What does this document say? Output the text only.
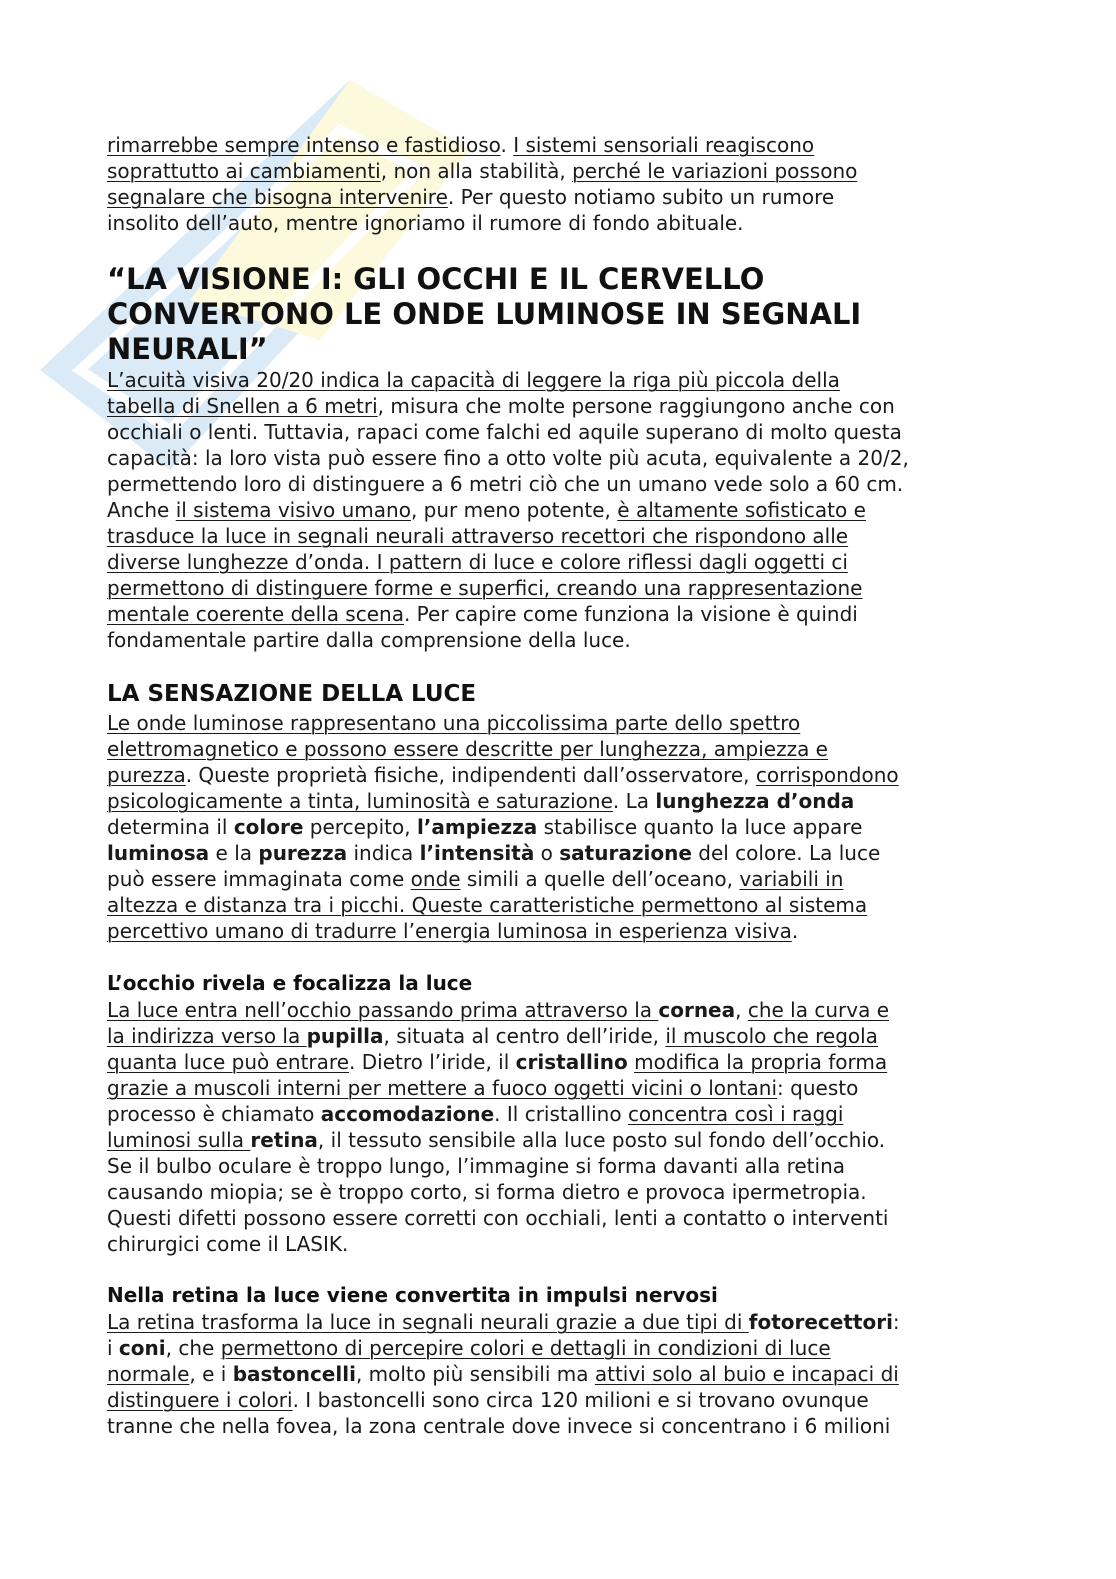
rimarrebbe sempre intenso e fastidioso. I sistemi sensoriali reagiscono
soprattutto ai cambiamenti, non alla stabilità, perché le variazioni possono
segnalare che bisogna intervenire. Per questo notiamo subito un rumore
insolito dell’auto, mentre ignoriamo il rumore di fondo abituale.
“LA VISIONE I: GLI OCCHI E IL CERVELLO
CONVERTONO LE ONDE LUMINOSE IN SEGNALI
NEURALI”
L’acuità visiva 20/20 indica la capacità di leggere la riga più piccola della
tabella di Snellen a 6 metri, misura che molte persone raggiungono anche con
occhiali o lenti. Tuttavia, rapaci come falchi ed aquile superano di molto questa
capacità: la loro vista può essere fino a otto volte più acuta, equivalente a 20/2,
permettendo loro di distinguere a 6 metri ciò che un umano vede solo a 60 cm.
Anche il sistema visivo umano, pur meno potente, è altamente sofisticato e
trasduce la luce in segnali neurali attraverso recettori che rispondono alle
diverse lunghezze d’onda. I pattern di luce e colore riflessi dagli oggetti ci
permettono di distinguere forme e superfici, creando una rappresentazione
mentale coerente della scena. Per capire come funziona la visione è quindi
fondamentale partire dalla comprensione della luce.
LA SENSAZIONE DELLA LUCE
Le onde luminose rappresentano una piccolissima parte dello spettro
elettromagnetico e possono essere descritte per lunghezza, ampiezza e
purezza. Queste proprietà fisiche, indipendenti dall’osservatore, corrispondono
psicologicamente a tinta, luminosità e saturazione. La lunghezza d’onda
determina il colore percepito, l’ampiezza stabilisce quanto la luce appare
luminosa e la purezza indica l’intensità o saturazione del colore. La luce
può essere immaginata come onde simili a quelle dell’oceano, variabili in
altezza e distanza tra i picchi. Queste caratteristiche permettono al sistema
percettivo umano di tradurre l’energia luminosa in esperienza visiva.
L’occhio rivela e focalizza la luce
La luce entra nell’occhio passando prima attraverso la cornea, che la curva e
la indirizza verso la pupilla, situata al centro dell’iride, il muscolo che regola
quanta luce può entrare. Dietro l’iride, il cristallino modifica la propria forma
grazie a muscoli interni per mettere a fuoco oggetti vicini o lontani: questo
processo è chiamato accomodazione. Il cristallino concentra così i raggi
luminosi sulla retina, il tessuto sensibile alla luce posto sul fondo dell’occhio.
Se il bulbo oculare è troppo lungo, l’immagine si forma davanti alla retina
causando miopia; se è troppo corto, si forma dietro e provoca ipermetropia.
Questi difetti possono essere corretti con occhiali, lenti a contatto o interventi
chirurgici come il LASIK.
Nella retina la luce viene convertita in impulsi nervosi
La retina trasforma la luce in segnali neurali grazie a due tipi di fotorecettori:
i coni, che permettono di percepire colori e dettagli in condizioni di luce
normale, e i bastoncelli, molto più sensibili ma attivi solo al buio e incapaci di
distinguere i colori. I bastoncelli sono circa 120 milioni e si trovano ovunque
tranne che nella fovea, la zona centrale dove invece si concentrano i 6 milioni
